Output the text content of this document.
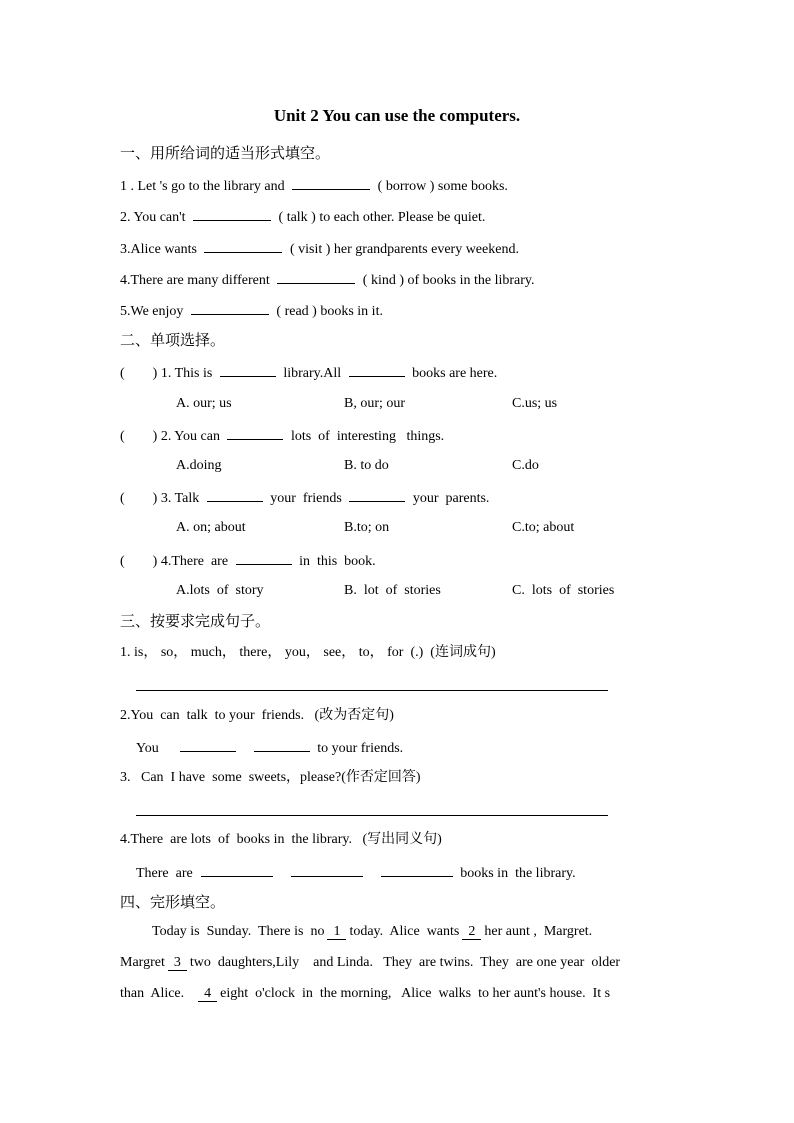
Unit 2 You can use the computers.
一、用所给词的适当形式填空。
1 . Let 's go to the library and	( borrow ) some books.
2. You can't	( talk ) to each other. Please be quiet.
3.Alice wants	( visit ) her grandparents every weekend.
4.There are many different	( kind ) of books in the library.
5.We enjoy	( read ) books in it.
二、单项选择。
(        ) 1. This is	library.All	books are here.
A. our; us	B, our; our	C.us; us
(        ) 2. You can	lots  of  interesting   things.
A.doing	B. to do	C.do
(        ) 3. Talk	your  friends	your  parents.
A. on; about	B.to; on	C.to; about
(        ) 4.There  are	in  this  book.
A.lots  of  story	B.  lot  of  stories	C.  lots  of  stories
三、按要求完成句子。
1. is， so， much， there， you， see， to， for  (.)  (连词成句)
2.You  can  talk  to your  friends.   (改为否定句)
You	to your friends.
3.   Can  I have  some  sweets，please?(作否定回答)
4.There  are lots  of  books in  the library.   (写出同义句)
There  are	books in  the library.
四、完形填空。
Today is  Sunday.  There is  no 1 today.  Alice  wants 2 her aunt ,  Margret.
Margret 3 two  daughters,Lily    and Linda.   They  are twins.  They  are one year  older
than  Alice. 4 eight  o'clock  in  the morning,   Alice  walks  to her aunt's house.  It s
